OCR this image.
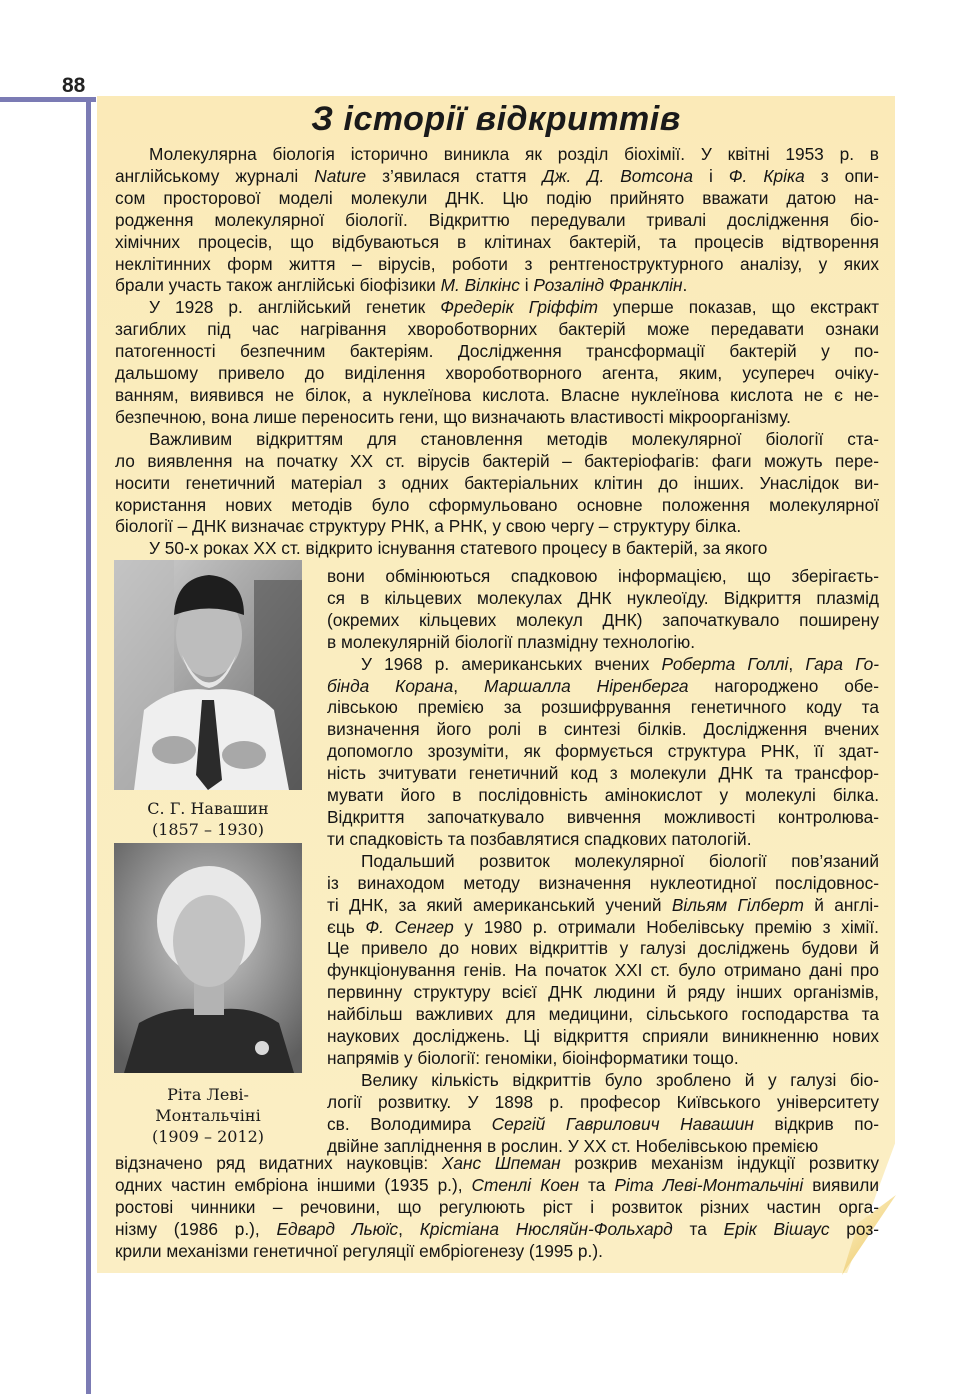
88
З історії відкриттів
Молекулярна біологія історично виникла як розділ біохімії. У квітні 1953 р. в
англійському журналі Nature з’явилася стаття Дж. Д. Вотсона і Ф. Кріка з опи-
сом просторової моделі молекули ДНК. Цю подію прийнято вважати датою на-
родження молекулярної біології. Відкриттю передували тривалі дослідження біо-
хімічних процесів, що відбуваються в клітинах бактерій, та процесів відтворення
неклітинних форм життя – вірусів, роботи з рентгеноструктурного аналізу, у яких
брали участь також англійські біофізики М. Вілкінс і Розалінд Франклін.
У 1928 р. англійський генетик Фредерік Гріффіт уперше показав, що екстракт
загиблих під час нагрівання хвороботворних бактерій може передавати ознаки
патогенності безпечним бактеріям. Дослідження трансформації бактерій у по-
дальшому привело до виділення хвороботворного агента, яким, усупереч очіку-
ванням, виявився не білок, а нуклеїнова кислота. Власне нуклеїнова кислота не є не-
безпечною, вона лише переносить гени, що визначають властивості мікроорганізму.
Важливим відкриттям для становлення методів молекулярної біології ста-
ло виявлення на початку XX ст. вірусів бактерій – бактеріофагів: фаги можуть пере-
носити генетичний матеріал з одних бактеріальних клітин до інших. Унаслідок ви-
користання нових методів було сформульовано основне положення молекулярної
біології – ДНК визначає структуру РНК, а РНК, у свою чергу – структуру білка.
У 50-х роках XX ст. відкрито існування статевого процесу в бактерій, за якого
С. Г. Навашин
(1857 – 1930)
Ріта Леві-
Монтальчіні
(1909 – 2012)
вони обмінюються спадковою інформацією, що зберігаєть-
ся в кільцевих молекулах ДНК нуклеоїду. Відкриття плазмід
(окремих кільцевих молекул ДНК) започаткувало поширену
в молекулярній біології плазмідну технологію.
У 1968 р. американських вчених Роберта Голлі, Гара Го-
бінда Корана, Маршалла Ніренберга нагороджено обе-
лівською премією за розшифрування генетичного коду та
визначення його ролі в синтезі білків. Дослідження вчених
допомогло зрозуміти, як формується структура РНК, її здат-
ність зчитувати генетичний код з молекули ДНК та трансфор-
мувати його в послідовність амінокислот у молекулі білка.
Відкриття започаткувало вивчення можливості контролюва-
ти спадковість та позбавлятися спадкових патологій.
Подальший розвиток молекулярної біології пов’язаний
із винаходом методу визначення нуклеотидної послідовнос-
ті ДНК, за який американський учений Вільям Гілберт й англі-
єць Ф. Сенгер у 1980 р. отримали Нобелівську премію з хімії.
Це привело до нових відкриттів у галузі досліджень будови й
функціонування генів. На початок XXI ст. було отримано дані про
первинну структуру всієї ДНК людини й ряду інших організмів,
найбільш важливих для медицини, сільського господарства та
наукових досліджень. Ці відкриття сприяли виникненню нових
напрямів у біології: геноміки, біоінформатики тощо.
Велику кількість відкриттів було зроблено й у галузі біо-
логії розвитку. У 1898 р. професор Київського університету
св. Володимира Сергій Гаврилович Навашин відкрив по-
двійне запліднення в рослин. У XX ст. Нобелівською премією
відзначено ряд видатних науковців: Ханс Шпеман розкрив механізм індукції розвитку
одних частин ембріона іншими (1935 р.), Стенлі Коен та Ріта Леві-Монтальчіні виявили
ростові чинники – речовини, що регулюють ріст і розвиток різних частин орга-
нізму (1986 р.), Едвард Льюїс, Крістіана Нюсляйн-Фольхард та Ерік Вішаус роз-
крили механізми генетичної регуляції ембріогенезу (1995 р.).
